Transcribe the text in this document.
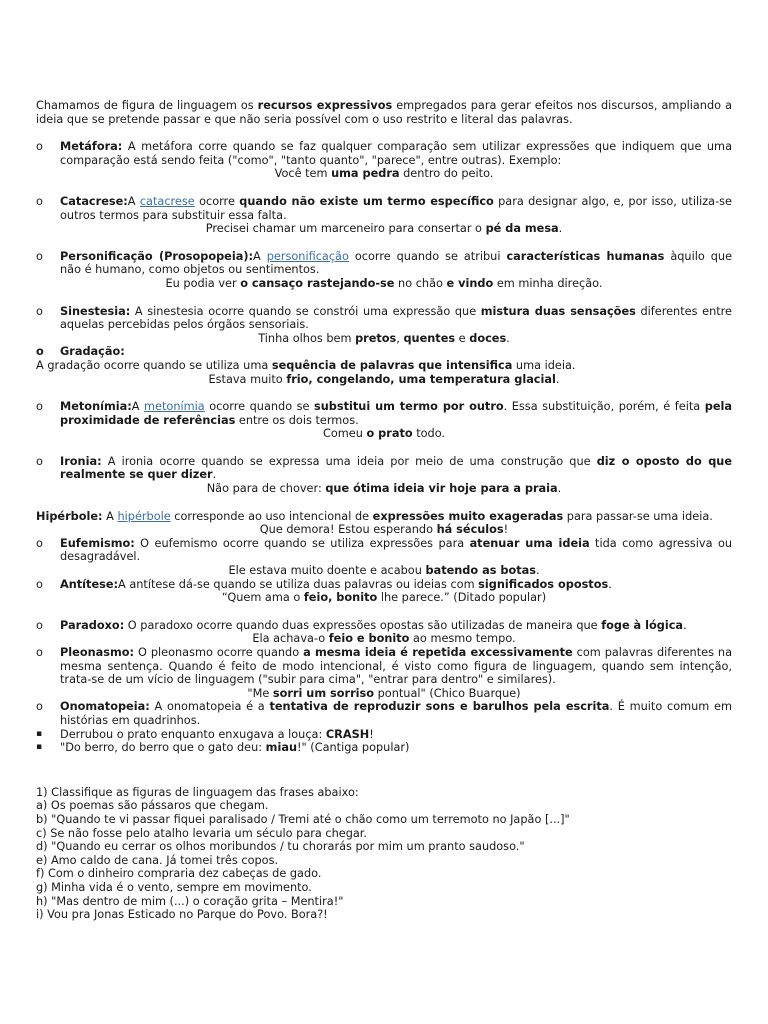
Chamamos de figura de linguagem os recursos expressivos empregados para gerar efeitos nos discursos, ampliando a ideia que se pretende passar e que não seria possível com o uso restrito e literal das palavras.

o Metáfora: A metáfora corre quando se faz qualquer comparação sem utilizar expressões que indiquem que uma comparação está sendo feita ("como", "tanto quanto", "parece", entre outras). Exemplo:

Você tem uma pedra dentro do peito.

o Catacrese:A catacrese ocorre quando não existe um termo específico para designar algo, e, por isso, utiliza-se outros termos para substituir essa falta.

Precisei chamar um marceneiro para consertar o pé da mesa.

o Personificação (Prosopopeia):A personificação ocorre quando se atribui características humanas àquilo que não é humano, como objetos ou sentimentos.

Eu podia ver o cansaço rastejando-se no chão e vindo em minha direção.

o Sinestesia: A sinestesia ocorre quando se constrói uma expressão que mistura duas sensações diferentes entre aquelas percebidas pelos órgãos sensoriais.

Tinha olhos bem pretos, quentes e doces.

o Gradação:

A gradação ocorre quando se utiliza uma sequência de palavras que intensifica uma ideia.

Estava muito frio, congelando, uma temperatura glacial.

o Metonímia:A metonímia ocorre quando se substitui um termo por outro. Essa substituição, porém, é feita pela proximidade de referências entre os dois termos.

Comeu o prato todo.

o Ironia: A ironia ocorre quando se expressa uma ideia por meio de uma construção que diz o oposto do que realmente se quer dizer.

Não para de chover: que ótima ideia vir hoje para a praia.

Hipérbole: A hipérbole corresponde ao uso intencional de expressões muito exageradas para passar-se uma ideia.

Que demora! Estou esperando há séculos!

o Eufemismo: O eufemismo ocorre quando se utiliza expressões para atenuar uma ideia tida como agressiva ou desagradável.

Ele estava muito doente e acabou batendo as botas.

o Antítese:A antítese dá-se quando se utiliza duas palavras ou ideias com significados opostos.

“Quem ama o feio, bonito lhe parece.” (Ditado popular)

o Paradoxo: O paradoxo ocorre quando duas expressões opostas são utilizadas de maneira que foge à lógica.

Ela achava-o feio e bonito ao mesmo tempo.

o Pleonasmo: O pleonasmo ocorre quando a mesma ideia é repetida excessivamente com palavras diferentes na mesma sentença. Quando é feito de modo intencional, é visto como figura de linguagem, quando sem intenção, trata-se de um vício de linguagem ("subir para cima", "entrar para dentro" e similares).

"Me sorri um sorriso pontual" (Chico Buarque)

o Onomatopeia: A onomatopeia é a tentativa de reproduzir sons e barulhos pela escrita. É muito comum em histórias em quadrinhos.
▪ Derrubou o prato enquanto enxugava a louça: CRASH!
▪ "Do berro, do berro que o gato deu: miau!" (Cantiga popular)

1) Classifique as figuras de linguagem das frases abaixo:

a) Os poemas são pássaros que chegam.

b) "Quando te vi passar fiquei paralisado / Tremi até o chão como um terremoto no Japão [...]"

c) Se não fosse pelo atalho levaria um século para chegar.

d) "Quando eu cerrar os olhos moribundos / tu chorarás por mim um pranto saudoso."

e) Amo caldo de cana. Já tomei três copos.

f) Com o dinheiro compraria dez cabeças de gado.

g) Minha vida é o vento, sempre em movimento.

h) "Mas dentro de mim (...) o coração grita – Mentira!"

i) Vou pra Jonas Esticado no Parque do Povo. Bora?!
